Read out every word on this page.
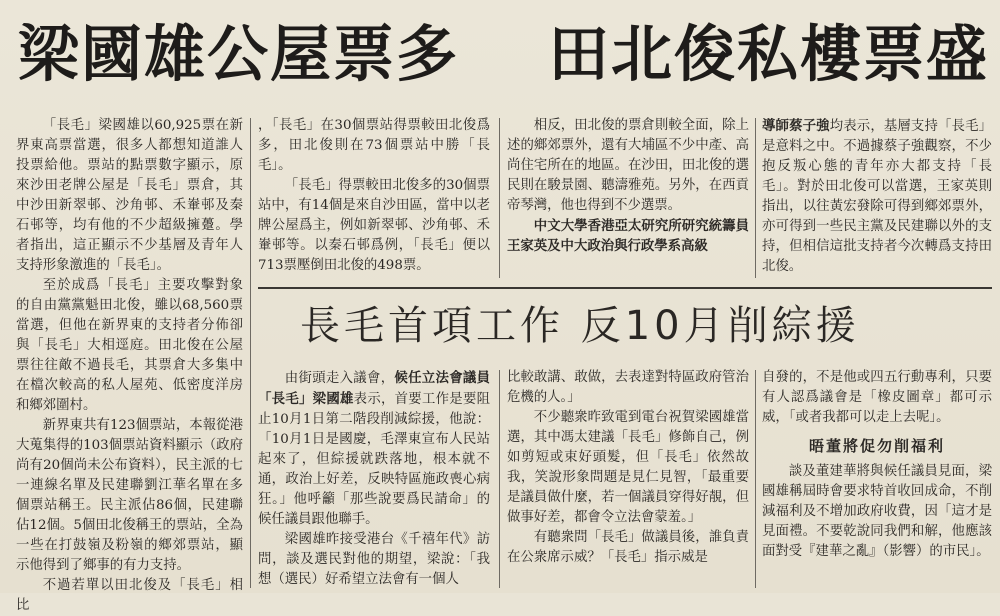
梁國雄公屋票多 田北俊私樓票盛

「長毛」梁國雄以60,925票在新界東高票當選，很多人都想知道誰人投票給他。票站的點票數字顯示，原來沙田老牌公屋是「長毛」票倉，其中沙田新翠邨、沙角邨、禾輋邨及秦石邨等，均有他的不少超級擁躉。學者指出，這正顯示不少基層及青年人支持形象激進的「長毛」。

至於成爲「長毛」主要攻擊對象的自由黨黨魁田北俊，雖以68,560票當選，但他在新界東的支持者分佈卻與「長毛」大相逕庭。田北俊在公屋票往往敵不過長毛，其票倉大多集中在檔次較高的私人屋苑、低密度洋房和鄉郊圍村。

新界東共有123個票站，本報從港大蒐集得的103個票站資料顯示（政府尚有20個尚未公布資料），民主派的七一連線名單及民建聯劉江華名單在多個票站稱王。民主派佔86個，民建聯佔12個。5個田北俊稱王的票站，全為一些在打鼓嶺及粉嶺的鄉郊票站，顯示他得到了鄉事的有力支持。

不過若單以田北俊及「長毛」相比

，「長毛」在30個票站得票較田北俊爲多，田北俊則在73個票站中勝「長毛」。

「長毛」得票較田北俊多的30個票站中，有14個是來自沙田區，當中以老牌公屋爲主，例如新翠邨、沙角邨、禾輋邨等。以秦石邨爲例，「長毛」便以713票壓倒田北俊的498票。

相反，田北俊的票倉則較全面，除上述的鄉郊票外，還有大埔區不少中產、高尚住宅所在的地區。在沙田，田北俊的選民則在駿景園、聽濤雅苑。另外，在西貢帝琴灣，他也得到不少選票。

中文大學香港亞太研究所研究統籌員王家英及中大政治與行政學系高級

導師蔡子強均表示，基層支持「長毛」是意料之中。不過據蔡子強觀察，不少抱反叛心態的青年亦大都支持「長毛」。對於田北俊可以當選，王家英則指出，以往黃宏發除可得到鄉郊票外，亦可得到一些民主黨及民建聯以外的支持，但相信這批支持者今次轉爲支持田北俊。

長毛首項工作 反10月削綜援

由街頭走入議會，候任立法會議員「長毛」梁國雄表示，首要工作是要阻止10月1日第二階段削減綜援，他說：「10月1日是國慶，毛澤東宣布人民站起來了，但綜援就跌落地，根本就不通，政治上好差，反映特區施政喪心病狂。」他呼籲「那些說要爲民請命」的候任議員跟他聯手。

梁國雄昨接受港台《千禧年代》訪問，談及選民對他的期望，梁說：「我想（選民）好希望立法會有一個人

比較敢講、敢做，去表達對特區政府管治危機的人。」

不少聽衆昨致電到電台祝賀梁國雄當選，其中馮太建議「長毛」修飾自己，例如剪短或束好頭髮，但「長毛」依然故我，笑說形象問題是見仁見智，「最重要是議員做什麼，若一個議員穿得好靚，但做事好差，都會令立法會蒙羞。」

有聽衆問「長毛」做議員後，誰負責在公衆席示威？「長毛」指示威是

自發的，不是他或四五行動專利，只要有人認爲議會是「橡皮圖章」都可示威，「或者我都可以走上去呢」。

晤董將促勿削福利

談及董建華將與候任議員見面，梁國雄稱屆時會要求特首收回成命，不削減福利及不增加政府收費，因「這才是見面禮。不要乾說同我們和解，他應該面對受『建華之亂』（影響）的市民」。
